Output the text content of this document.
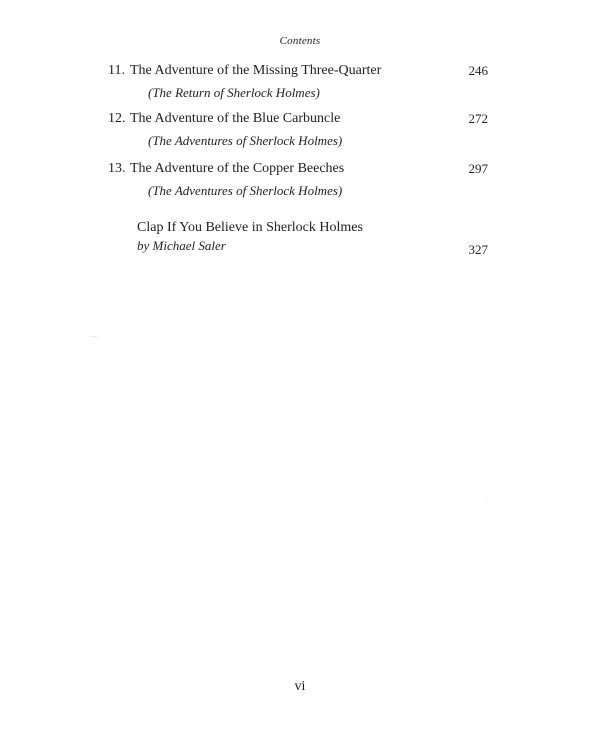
Contents
11. The Adventure of the Missing Three-Quarter	246
(The Return of Sherlock Holmes)
12. The Adventure of the Blue Carbuncle	272
(The Adventures of Sherlock Holmes)
13. The Adventure of the Copper Beeches	297
(The Adventures of Sherlock Holmes)
Clap If You Believe in Sherlock Holmes
by Michael Saler	327
vi
